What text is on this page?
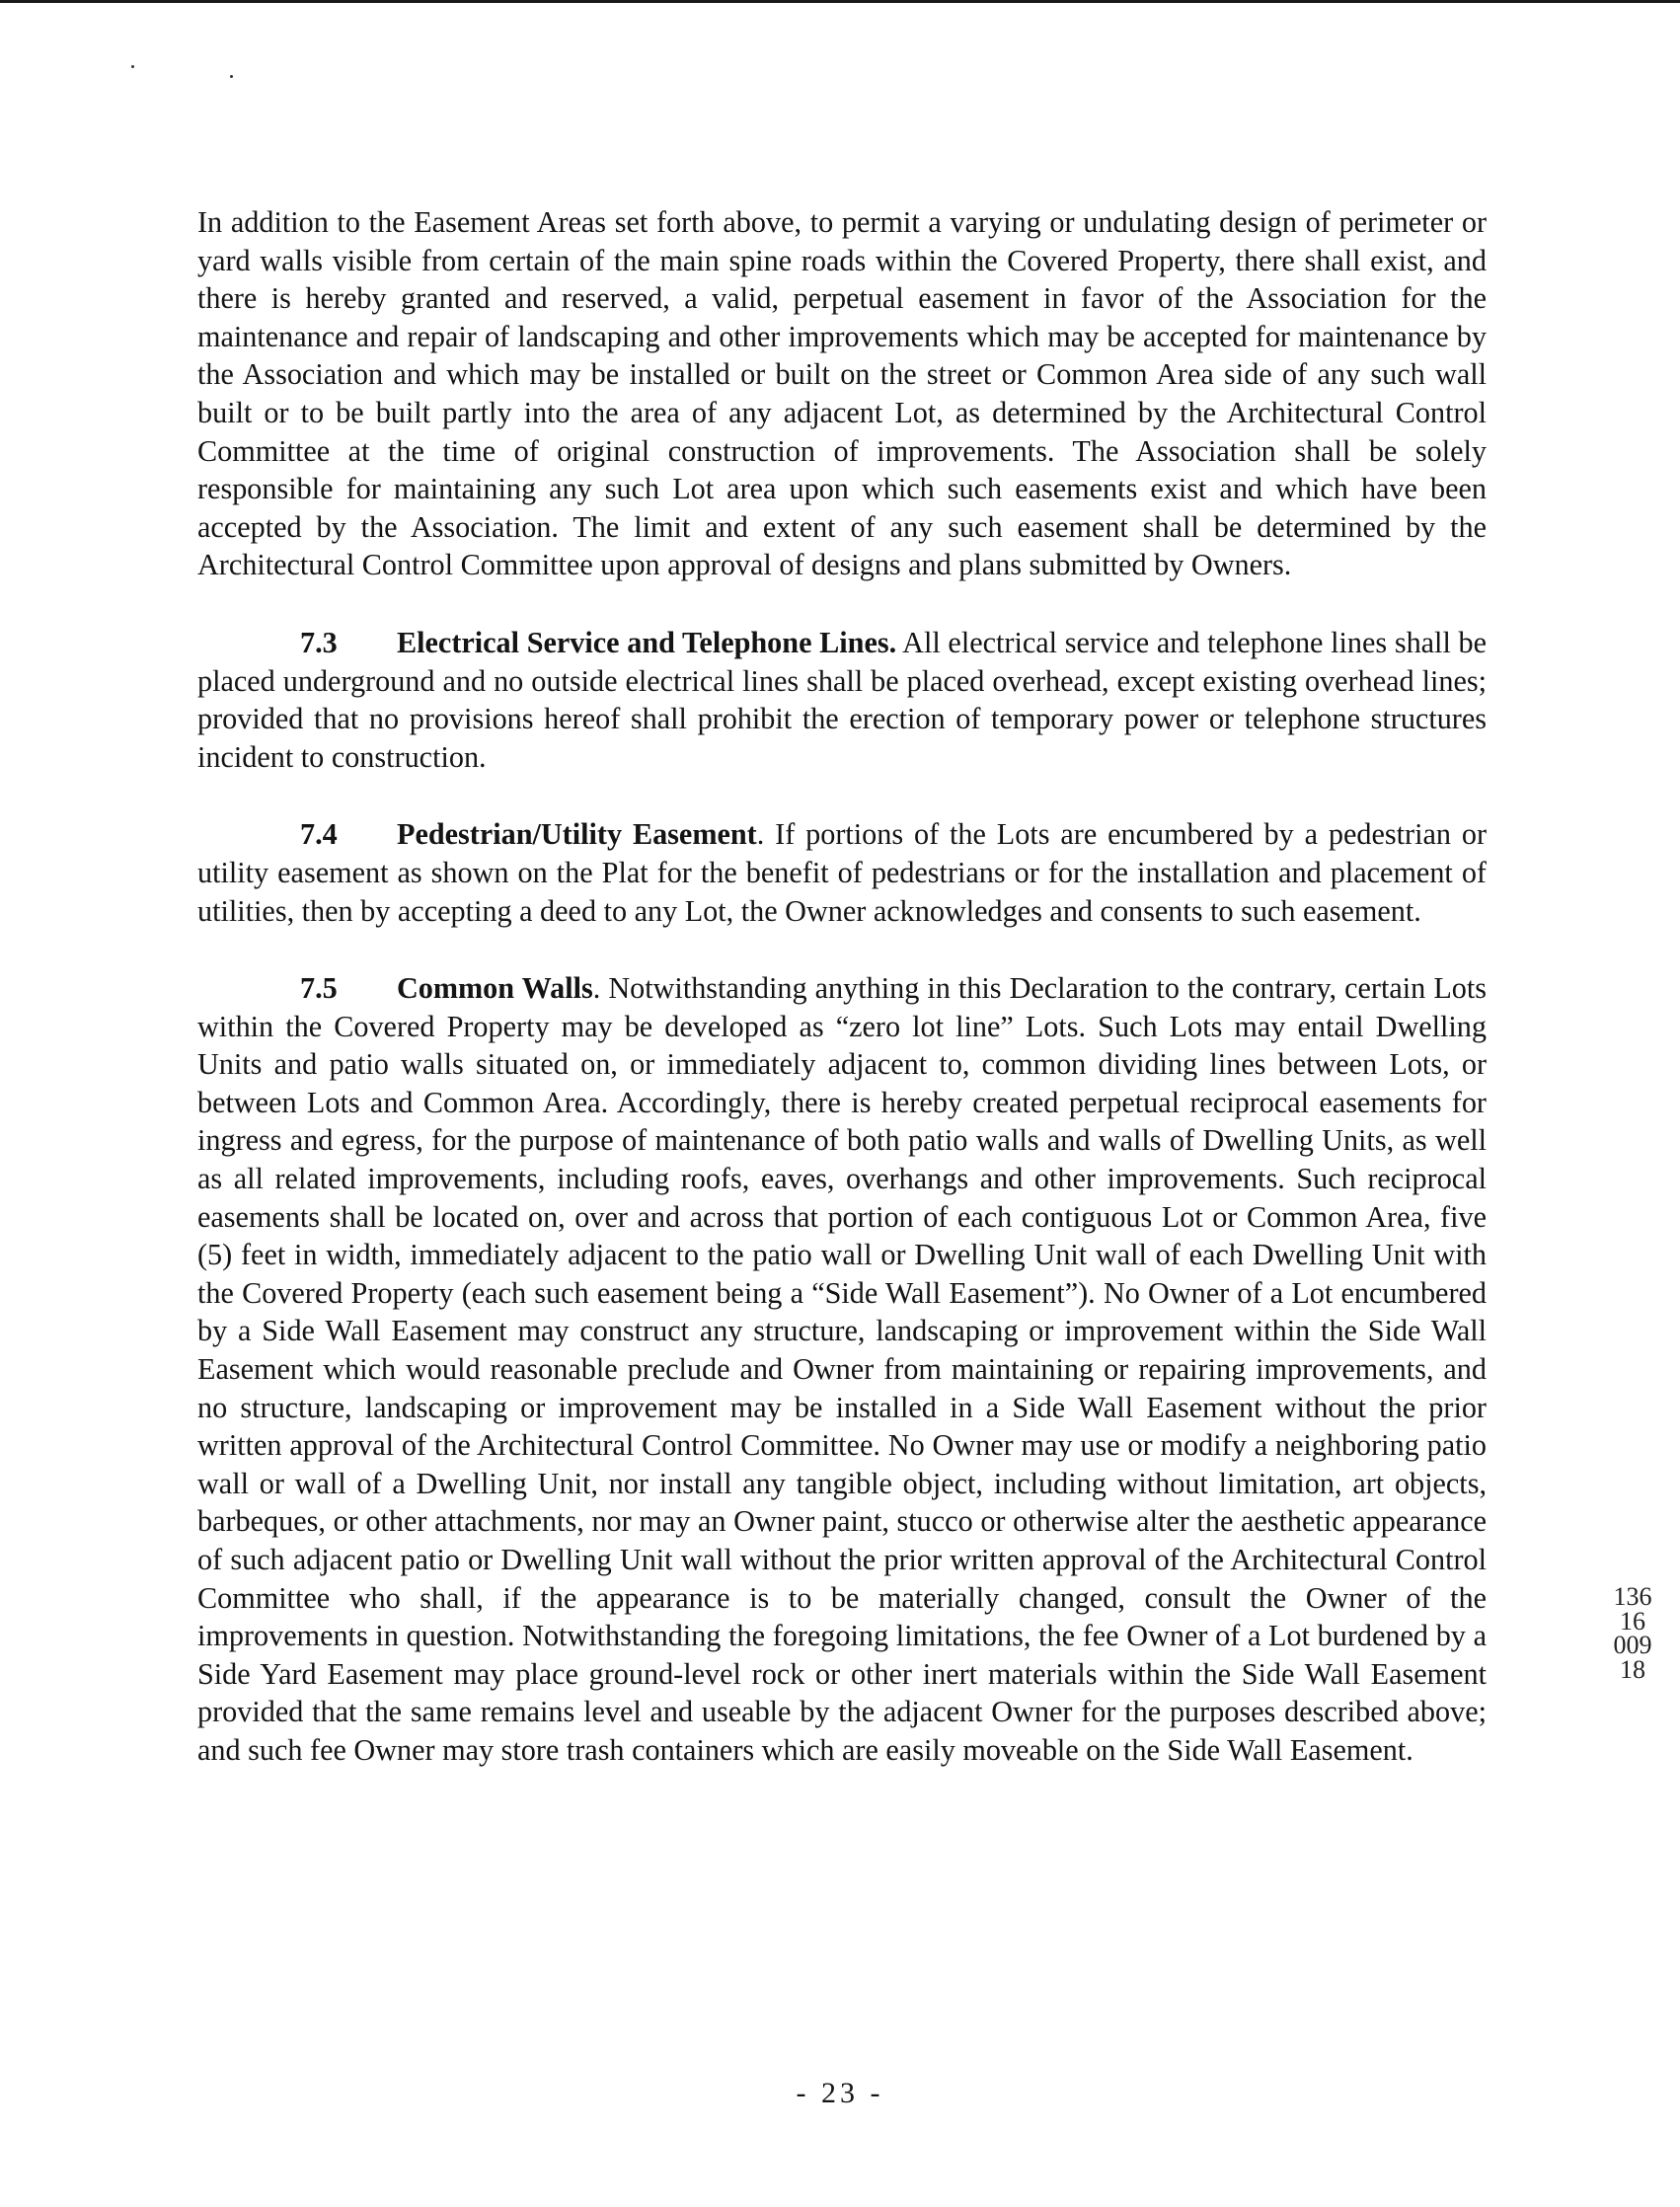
In addition to the Easement Areas set forth above, to permit a varying or undulating design of perimeter or yard walls visible from certain of the main spine roads within the Covered Property, there shall exist, and there is hereby granted and reserved, a valid, perpetual easement in favor of the Association for the maintenance and repair of landscaping and other improvements which may be accepted for maintenance by the Association and which may be installed or built on the street or Common Area side of any such wall built or to be built partly into the area of any adjacent Lot, as determined by the Architectural Control Committee at the time of original construction of improvements. The Association shall be solely responsible for maintaining any such Lot area upon which such easements exist and which have been accepted by the Association. The limit and extent of any such easement shall be determined by the Architectural Control Committee upon approval of designs and plans submitted by Owners.

7.3 Electrical Service and Telephone Lines. All electrical service and telephone lines shall be placed underground and no outside electrical lines shall be placed overhead, except existing overhead lines; provided that no provisions hereof shall prohibit the erection of temporary power or telephone structures incident to construction.

7.4 Pedestrian/Utility Easement. If portions of the Lots are encumbered by a pedestrian or utility easement as shown on the Plat for the benefit of pedestrians or for the installation and placement of utilities, then by accepting a deed to any Lot, the Owner acknowledges and consents to such easement.

7.5 Common Walls. Notwithstanding anything in this Declaration to the contrary, certain Lots within the Covered Property may be developed as “zero lot line” Lots. Such Lots may entail Dwelling Units and patio walls situated on, or immediately adjacent to, common dividing lines between Lots, or between Lots and Common Area. Accordingly, there is hereby created perpetual reciprocal easements for ingress and egress, for the purpose of maintenance of both patio walls and walls of Dwelling Units, as well as all related improvements, including roofs, eaves, overhangs and other improvements. Such reciprocal easements shall be located on, over and across that portion of each contiguous Lot or Common Area, five (5) feet in width, immediately adjacent to the patio wall or Dwelling Unit wall of each Dwelling Unit with the Covered Property (each such easement being a “Side Wall Easement”). No Owner of a Lot encumbered by a Side Wall Easement may construct any structure, landscaping or improvement within the Side Wall Easement which would reasonable preclude and Owner from maintaining or repairing improvements, and no structure, landscaping or improvement may be installed in a Side Wall Easement without the prior written approval of the Architectural Control Committee. No Owner may use or modify a neighboring patio wall or wall of a Dwelling Unit, nor install any tangible object, including without limitation, art objects, barbeques, or other attachments, nor may an Owner paint, stucco or otherwise alter the aesthetic appearance of such adjacent patio or Dwelling Unit wall without the prior written approval of the Architectural Control Committee who shall, if the appearance is to be materially changed, consult the Owner of the improvements in question. Notwithstanding the foregoing limitations, the fee Owner of a Lot burdened by a Side Yard Easement may place ground-level rock or other inert materials within the Side Wall Easement provided that the same remains level and useable by the adjacent Owner for the purposes described above; and such fee Owner may store trash containers which are easily moveable on the Side Wall Easement.

13616 00918
- 23 -
